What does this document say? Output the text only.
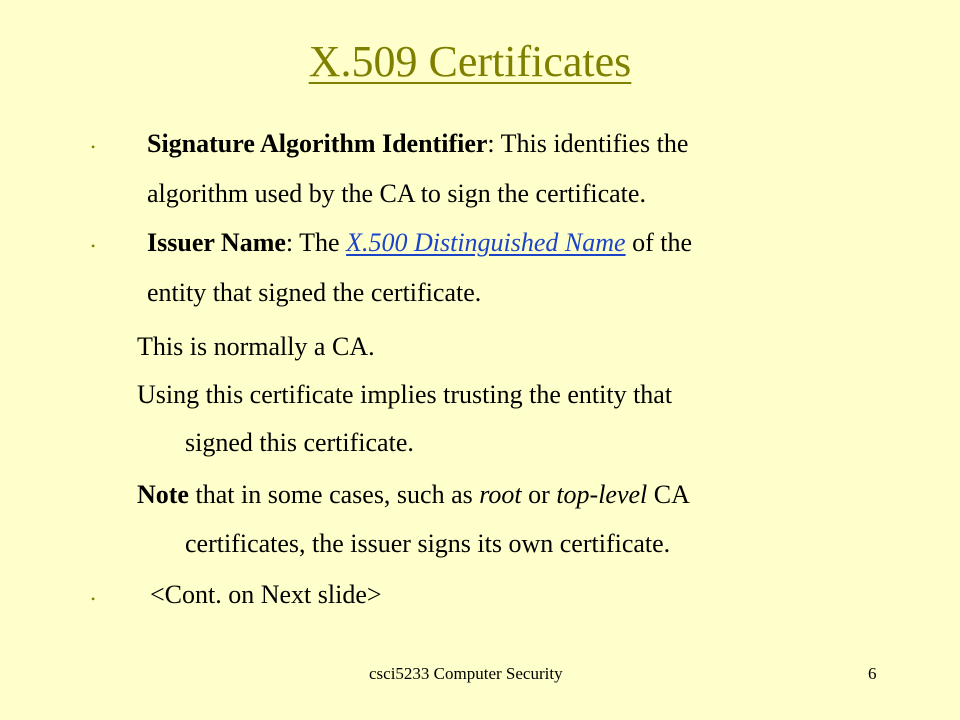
X.509 Certificates
• Signature Algorithm Identifier: This identifies the
algorithm used by the CA to sign the certificate.
• Issuer Name: The X.500 Distinguished Name of the
entity that signed the certificate.
This is normally a CA.
Using this certificate implies trusting the entity that
signed this certificate.
Note that in some cases, such as root or top-level CA
certificates, the issuer signs its own certificate.
• <Cont. on Next slide>
csci5233 Computer Security	6
